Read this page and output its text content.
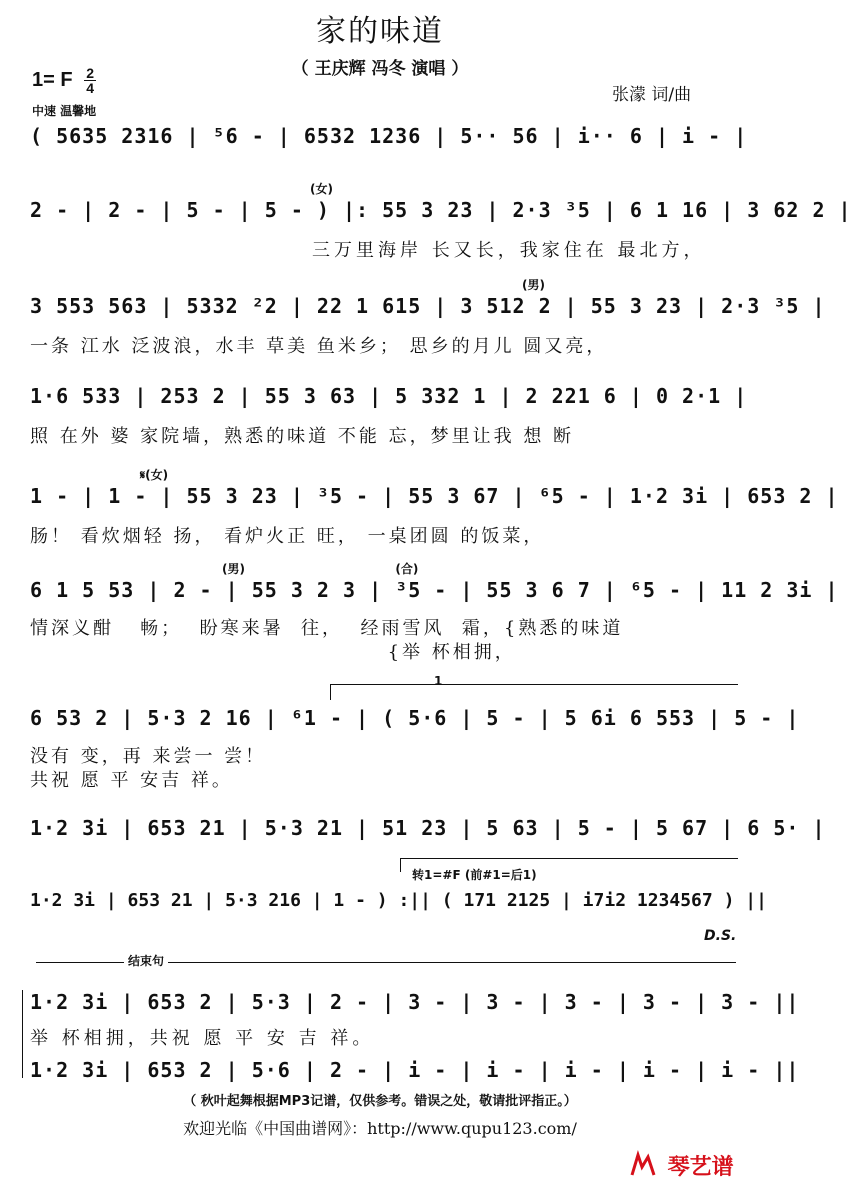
家的味道
（ 王庆辉 冯冬 演唱 ）
1= F $\frac{2}{4}$
中速 温馨地
张濛 词/曲
( 5635 2316 | ⁵6 - | 6532 1236 | 5·· 56 | i·· 6 | i - |
(女)
2 - | 2 - | 5 - | 5 - ) |: 55 3 23 | 2·3 ³5 | 6 1 16 | 3 62 2 |
三万里海岸 长又长，我家住在 最北方，
(男)
3 553 563 | 5332 ²2 | 22 1 615 | 3 512 2 | 55 3 23 | 2·3 ³5 |
一条 江水 泛波浪，水丰 草美 鱼米乡； 思乡的月儿 圆又亮，
1·6 533 | 253 2 | 55 3 63 | 5 332 1 | 2 221 6 | 0 2·1 |
照 在外 婆 家院墙，熟悉的味道 不能 忘，梦里让我 想 断
𝄋(女)
1 - | 1 - | 55 3 23 | ³5 - | 55 3 67 | ⁶5 - | 1·2 3i | 653 2 |
肠！ 看炊烟轻 扬， 看炉火正 旺， 一桌团圆 的饭菜，
(男)                                    (合)
6 1 5 53 | 2 - | 55 3 2 3 | ³5 - | 55 3 6 7 | ⁶5 - | 11 2 3i |
情深义酣   畅；  盼寒来暑  往，  经雨雪风  霜，{熟悉的味道
{举 杯相拥，
1
6 53 2 | 5·3 2 16 | ⁶1 - | ( 5·6 | 5 - | 5 6i 6 553 | 5 - |
没有 变，再 来尝一 尝！
共祝 愿 平 安吉 祥。
1·2 3i | 653 21 | 5·3 21 | 51 23 | 5 63 | 5 - | 5 67 | 6 5· |
转1=#F (前#1=后1)
1·2 3i | 653 21 | 5·3 216 | 1 - ) :|| ( 171 2125 | i7i2 1234567 ) ||
D.S.
结束句
1·2 3i | 653 2 | 5·3 | 2 - | 3 - | 3 - | 3 - | 3 - | 3 - ||
举 杯相拥，共祝 愿 平 安 吉 祥。
1·2 3i | 653 2 | 5·6 | 2 - | i - | i - | i - | i - | i - ||
（ 秋叶起舞根据MP3记谱，仅供参考。错误之处，敬请批评指正。）
欢迎光临《中国曲谱网》：http://www.qupu123.com/
琴艺谱
